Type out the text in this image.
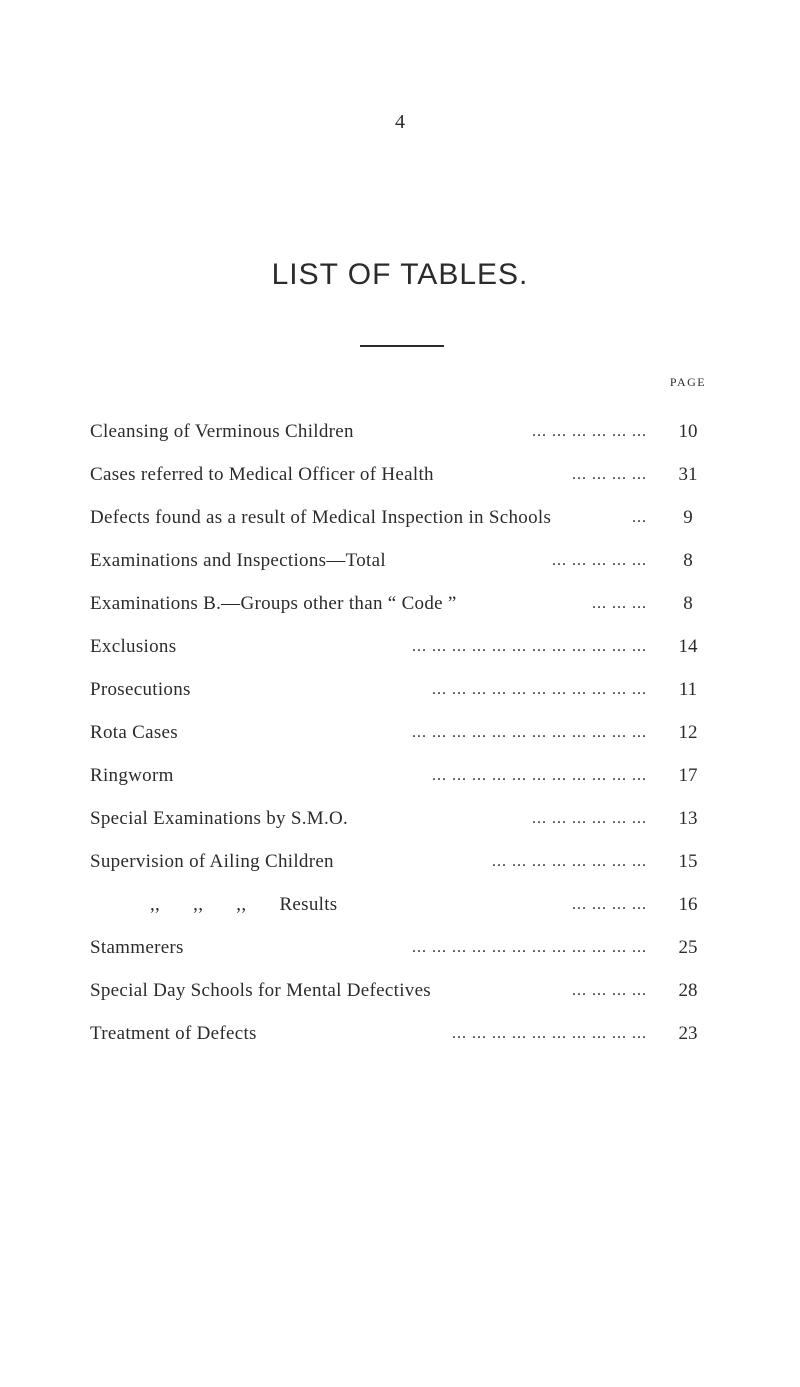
4
LIST OF TABLES.
PAGE
Cleansing of Verminous Children	... ... ... ... ... ...	10
Cases referred to Medical Officer of Health	... ... ... ...	31
Defects found as a result of Medical Inspection in Schools	...	9
Examinations and Inspections—Total	... ... ... ... ...	8
Examinations B.—Groups other than “ Code ”	... ... ...	8
Exclusions	... ... ... ... ... ... ... ... ... ... ... ...	14
Prosecutions	... ... ... ... ... ... ... ... ... ... ...	11
Rota Cases	... ... ... ... ... ... ... ... ... ... ... ...	12
Ringworm	... ... ... ... ... ... ... ... ... ... ...	17
Special Examinations by S.M.O.	... ... ... ... ... ...	13
Supervision of Ailing Children	... ... ... ... ... ... ... ...	15
,, ,, ,, Results	... ... ... ...	16
Stammerers	... ... ... ... ... ... ... ... ... ... ... ...	25
Special Day Schools for Mental Defectives	... ... ... ...	28
Treatment of Defects	... ... ... ... ... ... ... ... ... ...	23
